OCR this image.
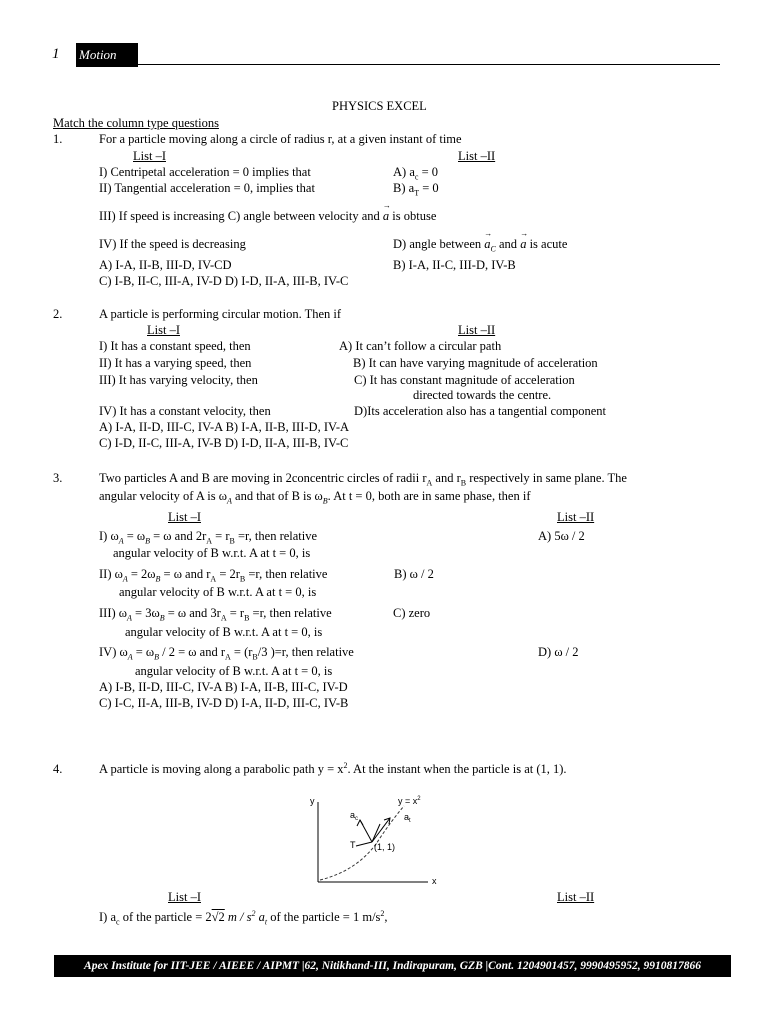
1 Motion
PHYSICS EXCEL
Match the column type questions
1.	For a particle moving along a circle of radius r, at a given instant of time
List –I	List –II
I) Centripetal acceleration = 0 implies that	A) $a_c = 0$
II) Tangential acceleration = 0, implies that	B) $a_T = 0$
III) If speed is increasing C) angle between velocity and → a is obtuse
IV) If the speed is decreasing	D) angle between → $a_C$ and → a is acute
A) I-A, II-B, III-D, IV-CD	B) I-A, II-C, III-D, IV-B
C) I-B, II-C, III-A, IV-D D) I-D, II-A, III-B, IV-C
2.	A particle is performing circular motion. Then if
List –I	List –II
I) It has a constant speed, then	A) It can’t follow a circular path
II) It has a varying speed, then	B) It can have varying magnitude of acceleration
III) It has varying velocity, then	C) It has constant magnitude of acceleration
directed towards the centre.
IV) It has a constant velocity, then	D)Its acceleration also has a tangential component
A) I-A, II-D, III-C, IV-A B) I-A, II-B, III-D, IV-A
C) I-D, II-C, III-A, IV-B D) I-D, II-A, III-B, IV-C
3.	Two particles A and B are moving in 2concentric circles of radii $r_A$ and $r_B$ respectively in same plane. The
angular velocity of A is $\omega_A$ and that of B is $\omega_B$. At t = 0, both are in same phase, then if
List –I	List –II
I) $\omega_A = \omega_B = \omega$ and $2r_A = r_B =r$, then relative	A) 5ω / 2
angular velocity of B w.r.t. A at t = 0, is
II) $\omega_A = 2\omega_B = \omega$ and $r_A = 2r_B =r$, then relative	B) ω / 2
angular velocity of B w.r.t. A at t = 0, is
III) $\omega_A = 3\omega_B = \omega$ and $3r_A = r_B =r$, then relative	C) zero
angular velocity of B w.r.t. A at t = 0, is
IV) $\omega_A = \omega_B / 2 = \omega$ and $r_A = (r_B/3$ )=r, then relative	D) ω / 2
angular velocity of B w.r.t. A at t = 0, is
A) I-B, II-D, III-C, IV-A B) I-A, II-B, III-C, IV-D
C) I-C, II-A, III-B, IV-D D) I-A, II-D, III-C, IV-B
4.	A particle is moving along a parabolic path $y = x^2$. At the instant when the particle is at (1, 1).
y
x
$y = x^2$
$a_c$	$a_t$
T (1, 1)
List –I	List –II
I) $a_c$ of the particle = 2√2 m / $s^2$ $a_t$ of the particle = 1 $m/s^2$,
Apex Institute for IIT-JEE / AIEEE / AIPMT |62, Nitikhand-III, Indirapuram, GZB |Cont. 1204901457, 9990495952, 9910817866
